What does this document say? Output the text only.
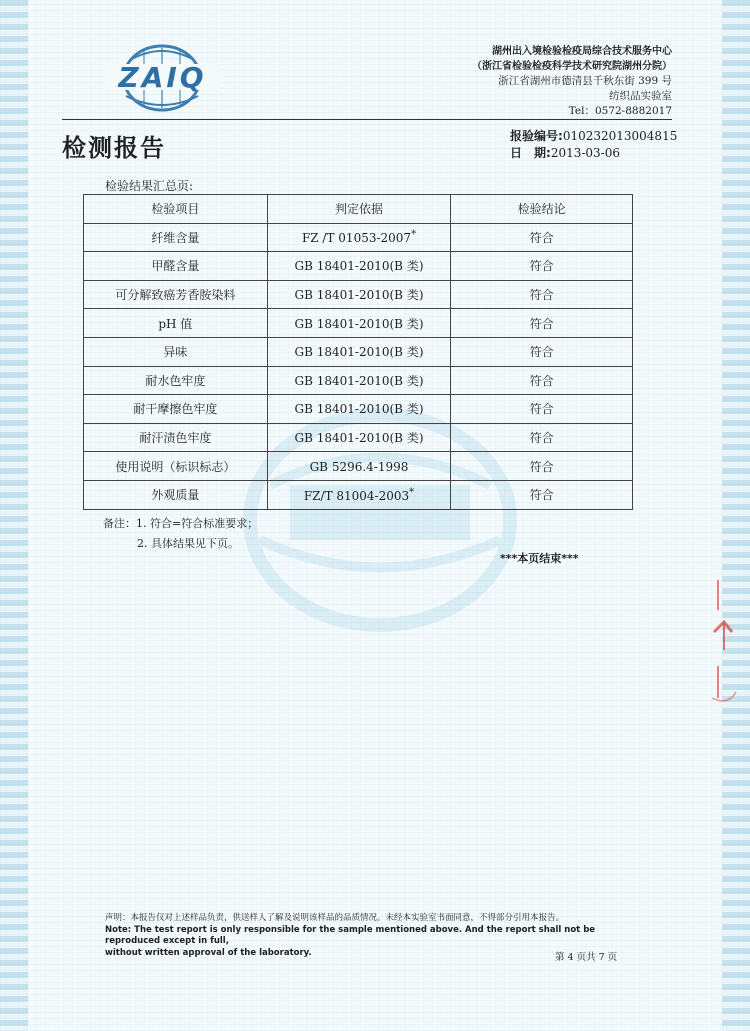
ZAIQ
湖州出入境检验检疫局综合技术服务中心
（浙江省检验检疫科学技术研究院湖州分院）
浙江省湖州市德清县千秋东街 399 号
纺织品实验室
Tel：0572-8882017
检测报告	报验编号:010232013004815
日　期:2013-03-06
检验结果汇总页:
检验项目	判定依据	检验结论
纤维含量	FZ /T 01053-2007*	符合
甲醛含量	GB 18401-2010(B 类)	符合
可分解致癌芳香胺染料	GB 18401-2010(B 类)	符合
pH 值	GB 18401-2010(B 类)	符合
异味	GB 18401-2010(B 类)	符合
耐水色牢度	GB 18401-2010(B 类)	符合
耐干摩擦色牢度	GB 18401-2010(B 类)	符合
耐汗渍色牢度	GB 18401-2010(B 类)	符合
使用说明（标识标志）	GB 5296.4-1998	符合
外观质量	FZ/T 81004-2003*	符合
备注：1. 符合=符合标准要求；
2. 具体结果见下页。
***本页结束***
声明：本报告仅对上述样品负责，供送样人了解及说明该样品的品质情况。未经本实验室书面同意，不得部分引用本报告。
Note: The test report is only responsible for the sample mentioned above. And the report shall not be reproduced except in full,
without written approval of the laboratory.	第 4 页共 7 页
